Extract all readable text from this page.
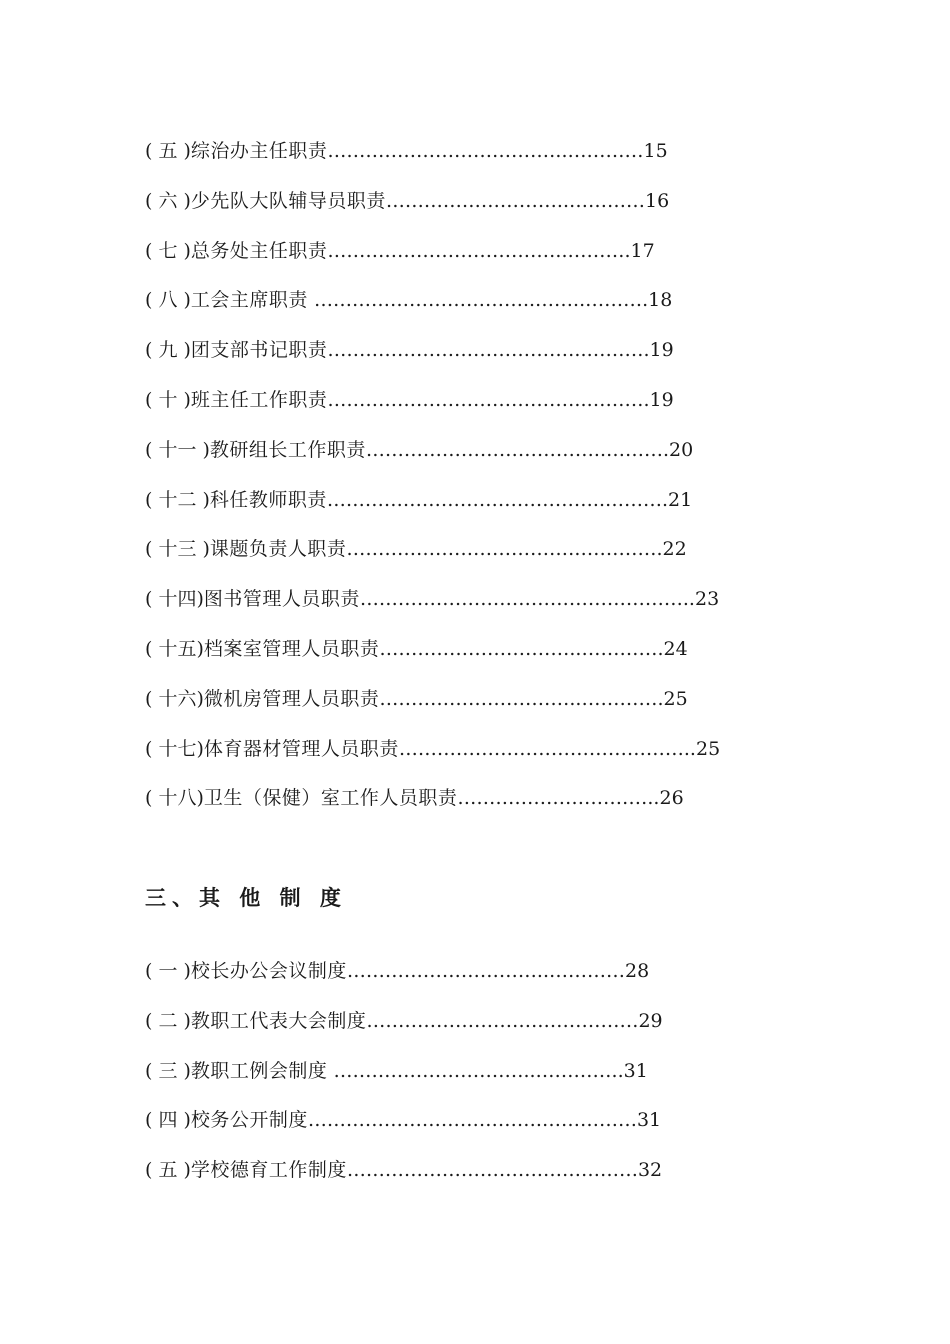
( 五 )综治办主任职责………………………………..…………15
( 六 )少先队大队辅导员职责………………………..…………16
( 七 )总务处主任职责………………………………..……….17
( 八 )工会主席职责 ……………………………..……..……….18
( 九 )团支部书记职责…………………………………..……….19
( 十 )班主任工作职责…………………………………..……….19
( 十一 )教研组长工作职责………………………………..……….20
( 十二 )科任教师职责……………………………………..……….21
( 十三 )课题负责人职责……………………………….………….22
( 十四)图书管理人员职责……………………………………………..23
( 十五)档案室管理人员职责…………………………..………….24
( 十六)微机房管理人员职责…………………………..………….25
( 十七)体育器材管理人员职责………………………………………..25
( 十八)卫生（保健）室工作人员职责…………………………..26
三、其 他 制 度
( 一 )校长办公会议制度…………………………..…………28
( 二 )教职工代表大会制度……………………….……………29
( 三 )教职工例会制度 …………………………..…………..31
( 四 )校务公开制度……………………………….……………31
( 五 )学校德育工作制度………………………….……………32
